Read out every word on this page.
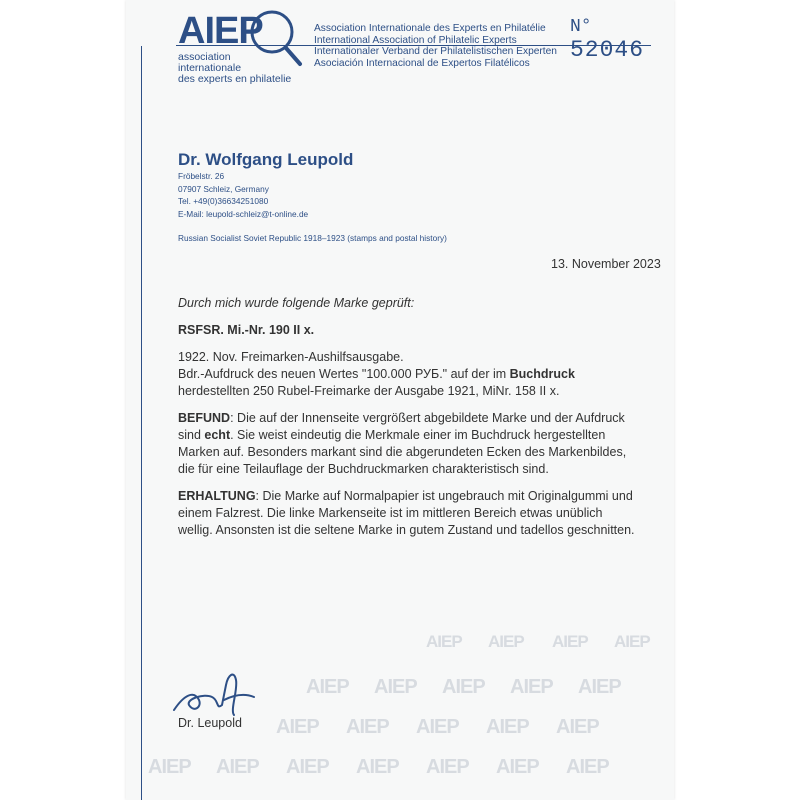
AIEP AIEP AIEP AIEP
AIEP AIEP AIEP AIEP AIEP
AIEP AIEP AIEP AIEP AIEP
AIEP AIEP AIEP AIEP AIEP AIEP AIEP
AIEP
association
internationale
des experts en philatelie
Association Internationale des Experts en Philatélie
International Association of Philatelic Experts
Internationaler Verband der Philatelistischen Experten
Asociación Internacional de Expertos Filatélicos
N° 52046
Dr. Wolfgang Leupold
Fröbelstr. 26
07907 Schleiz, Germany
Tel. +49(0)36634251080
E-Mail: leupold-schleiz@t-online.de
Russian Socialist Soviet Republic 1918–1923 (stamps and postal history)
13. November 2023

Durch mich wurde folgende Marke geprüft:

RSFSR. Mi.-Nr. 190 II x.

1922. Nov. Freimarken-Aushilfsausgabe.
Bdr.-Aufdruck des neuen Wertes "100.000 РУБ." auf der im Buchdruck
herdestellten 250 Rubel-Freimarke der Ausgabe 1921, MiNr. 158 II x.

BEFUND: Die auf der Innenseite vergrößert abgebildete Marke und der Aufdruck sind echt. Sie weist eindeutig die Merkmale einer im Buchdruck hergestellten Marken auf. Besonders markant sind die abgerundeten Ecken des Markenbildes, die für eine Teilauflage der Buchdruckmarken charakteristisch sind.

ERHALTUNG: Die Marke auf Normalpapier ist ungebrauch mit Originalgummi und einem Falzrest. Die linke Markenseite ist im mittleren Bereich etwas unüblich wellig. Ansonsten ist die seltene Marke in gutem Zustand und tadellos geschnitten.

Dr. Leupold
